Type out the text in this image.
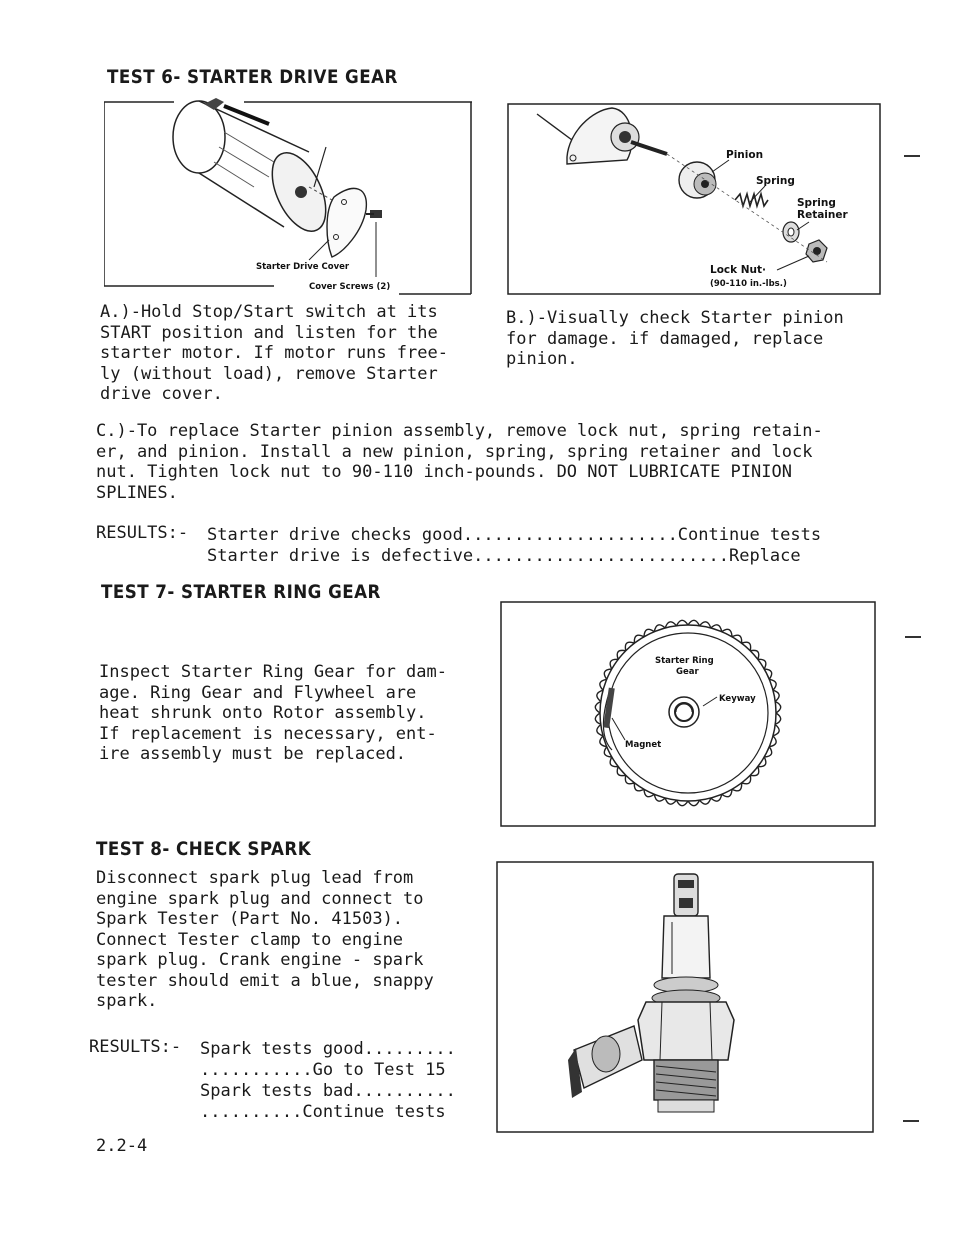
TEST 6- STARTER DRIVE GEAR
Starter Drive Cover
Cover Screws (2)
Pinion
Spring
Spring
Retainer
Lock Nut·
(90-110 in.-lbs.)

A.)-Hold Stop/Start switch at its
START position and listen for the
starter motor. If motor runs free-
ly (without load), remove Starter
drive cover.

B.)-Visually check Starter pinion
for damage. if damaged, replace
pinion.

C.)-To replace Starter pinion assembly, remove lock nut, spring retain-
er, and pinion. Install a new pinion, spring, spring retainer and lock
nut. Tighten lock nut to 90-110 inch-pounds. DO NOT LUBRICATE PINION
SPLINES.

RESULTS:- Starter drive checks good.....................Continue tests
Starter drive is defective.........................Replace
TEST 7- STARTER RING GEAR

Inspect Starter Ring Gear for dam-
age. Ring Gear and Flywheel are
heat shrunk onto Rotor assembly.
If replacement is necessary, ent-
ire assembly must be replaced.

Starter Ring
Gear
Keyway
Magnet
TEST 8- CHECK SPARK

Disconnect spark plug lead from
engine spark plug and connect to
Spark Tester (Part No. 41503).
Connect Tester clamp to engine
spark plug. Crank engine - spark
tester should emit a blue, snappy
spark.

RESULTS:- Spark tests good.........
...........Go to Test 15
Spark tests bad..........
..........Continue tests
2.2-4
